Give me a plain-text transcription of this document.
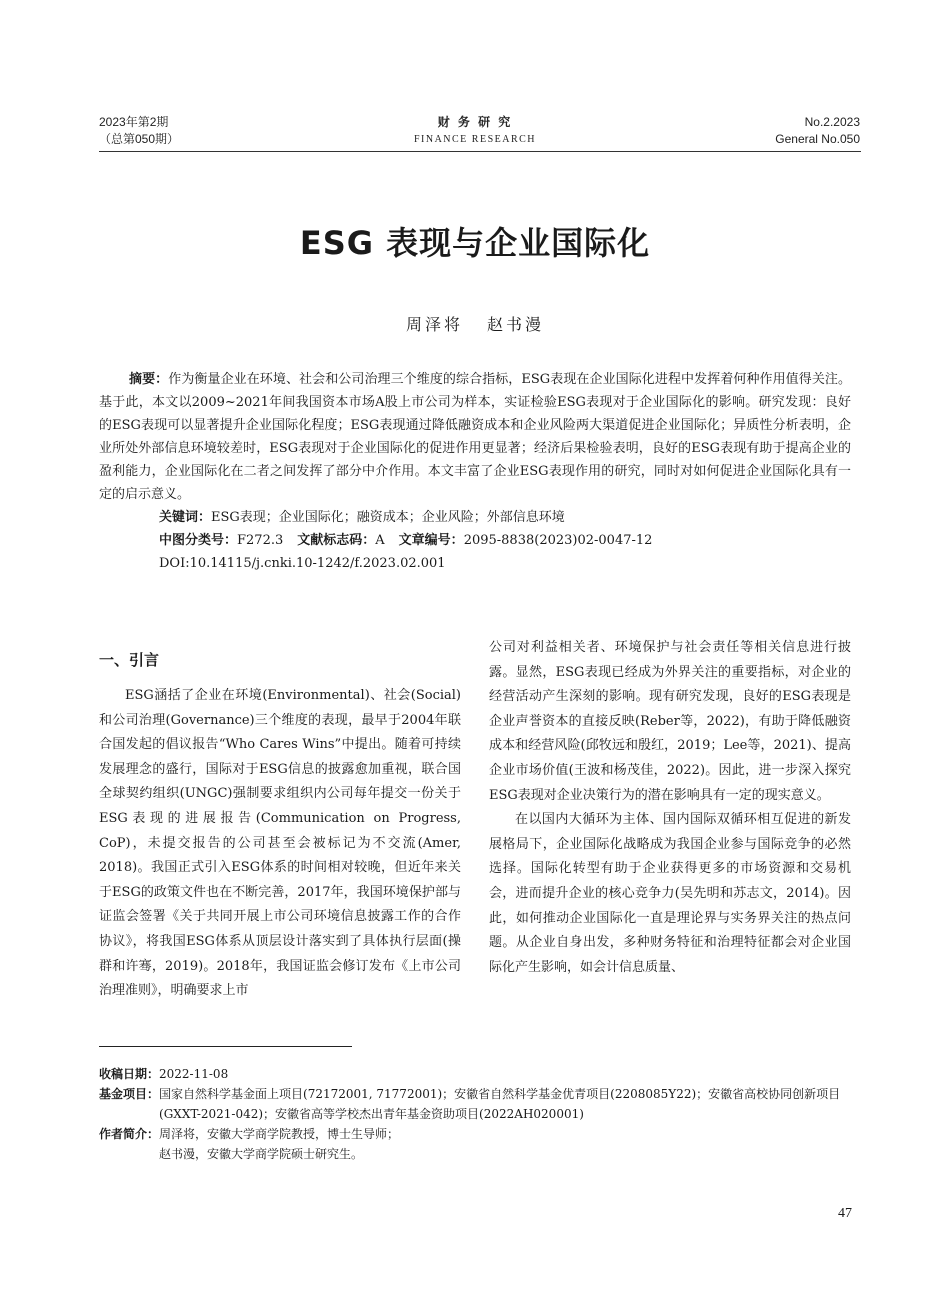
2023年第2期
（总第050期）
财 务 研 究
FINANCE RESEARCH
No.2.2023
General No.050
ESG 表现与企业国际化
周泽将 赵书漫

摘要：作为衡量企业在环境、社会和公司治理三个维度的综合指标，ESG表现在企业国际化进程中发挥着何种作用值得关注。基于此，本文以2009~2021年间我国资本市场A股上市公司为样本，实证检验ESG表现对于企业国际化的影响。研究发现：良好的ESG表现可以显著提升企业国际化程度；ESG表现通过降低融资成本和企业风险两大渠道促进企业国际化；异质性分析表明，企业所处外部信息环境较差时，ESG表现对于企业国际化的促进作用更显著；经济后果检验表明，良好的ESG表现有助于提高企业的盈利能力，企业国际化在二者之间发挥了部分中介作用。本文丰富了企业ESG表现作用的研究，同时对如何促进企业国际化具有一定的启示意义。

关键词：ESG表现；企业国际化；融资成本；企业风险；外部信息环境

中图分类号：F272.3 文献标志码：A 文章编号：2095-8838(2023)02-0047-12

DOI:10.14115/j.cnki.10-1242/f.2023.02.001

一、引言

ESG涵括了企业在环境(Environmental)、社会(Social)和公司治理(Governance)三个维度的表现，最早于2004年联合国发起的倡议报告“Who Cares Wins”中提出。随着可持续发展理念的盛行，国际对于ESG信息的披露愈加重视，联合国全球契约组织(UNGC)强制要求组织内公司每年提交一份关于ESG表现的进展报告(Communication on Progress, CoP)，未提交报告的公司甚至会被标记为不交流(Amer, 2018)。我国正式引入ESG体系的时间相对较晚，但近年来关于ESG的政策文件也在不断完善，2017年，我国环境保护部与证监会签署《关于共同开展上市公司环境信息披露工作的合作协议》，将我国ESG体系从顶层设计落实到了具体执行层面(操群和许骞，2019)。2018年，我国证监会修订发布《上市公司治理准则》，明确要求上市

公司对利益相关者、环境保护与社会责任等相关信息进行披露。显然，ESG表现已经成为外界关注的重要指标，对企业的经营活动产生深刻的影响。现有研究发现，良好的ESG表现是企业声誉资本的直接反映(Reber等，2022)，有助于降低融资成本和经营风险(邱牧远和殷红，2019；Lee等，2021)、提高企业市场价值(王波和杨茂佳，2022)。因此，进一步深入探究ESG表现对企业决策行为的潜在影响具有一定的现实意义。

在以国内大循环为主体、国内国际双循环相互促进的新发展格局下，企业国际化战略成为我国企业参与国际竞争的必然选择。国际化转型有助于企业获得更多的市场资源和交易机会，进而提升企业的核心竞争力(吴先明和苏志文，2014)。因此，如何推动企业国际化一直是理论界与实务界关注的热点问题。从企业自身出发，多种财务特征和治理特征都会对企业国际化产生影响，如会计信息质量、

收稿日期： 2022-11-08
基金项目： 国家自然科学基金面上项目(72172001, 71772001)；安徽省自然科学基金优青项目(2208085Y22)；安徽省高校协同创新项目(GXXT-2021-042)；安徽省高等学校杰出青年基金资助项目(2022AH020001)
作者简介： 周泽将，安徽大学商学院教授，博士生导师；
赵书漫，安徽大学商学院硕士研究生。
47
